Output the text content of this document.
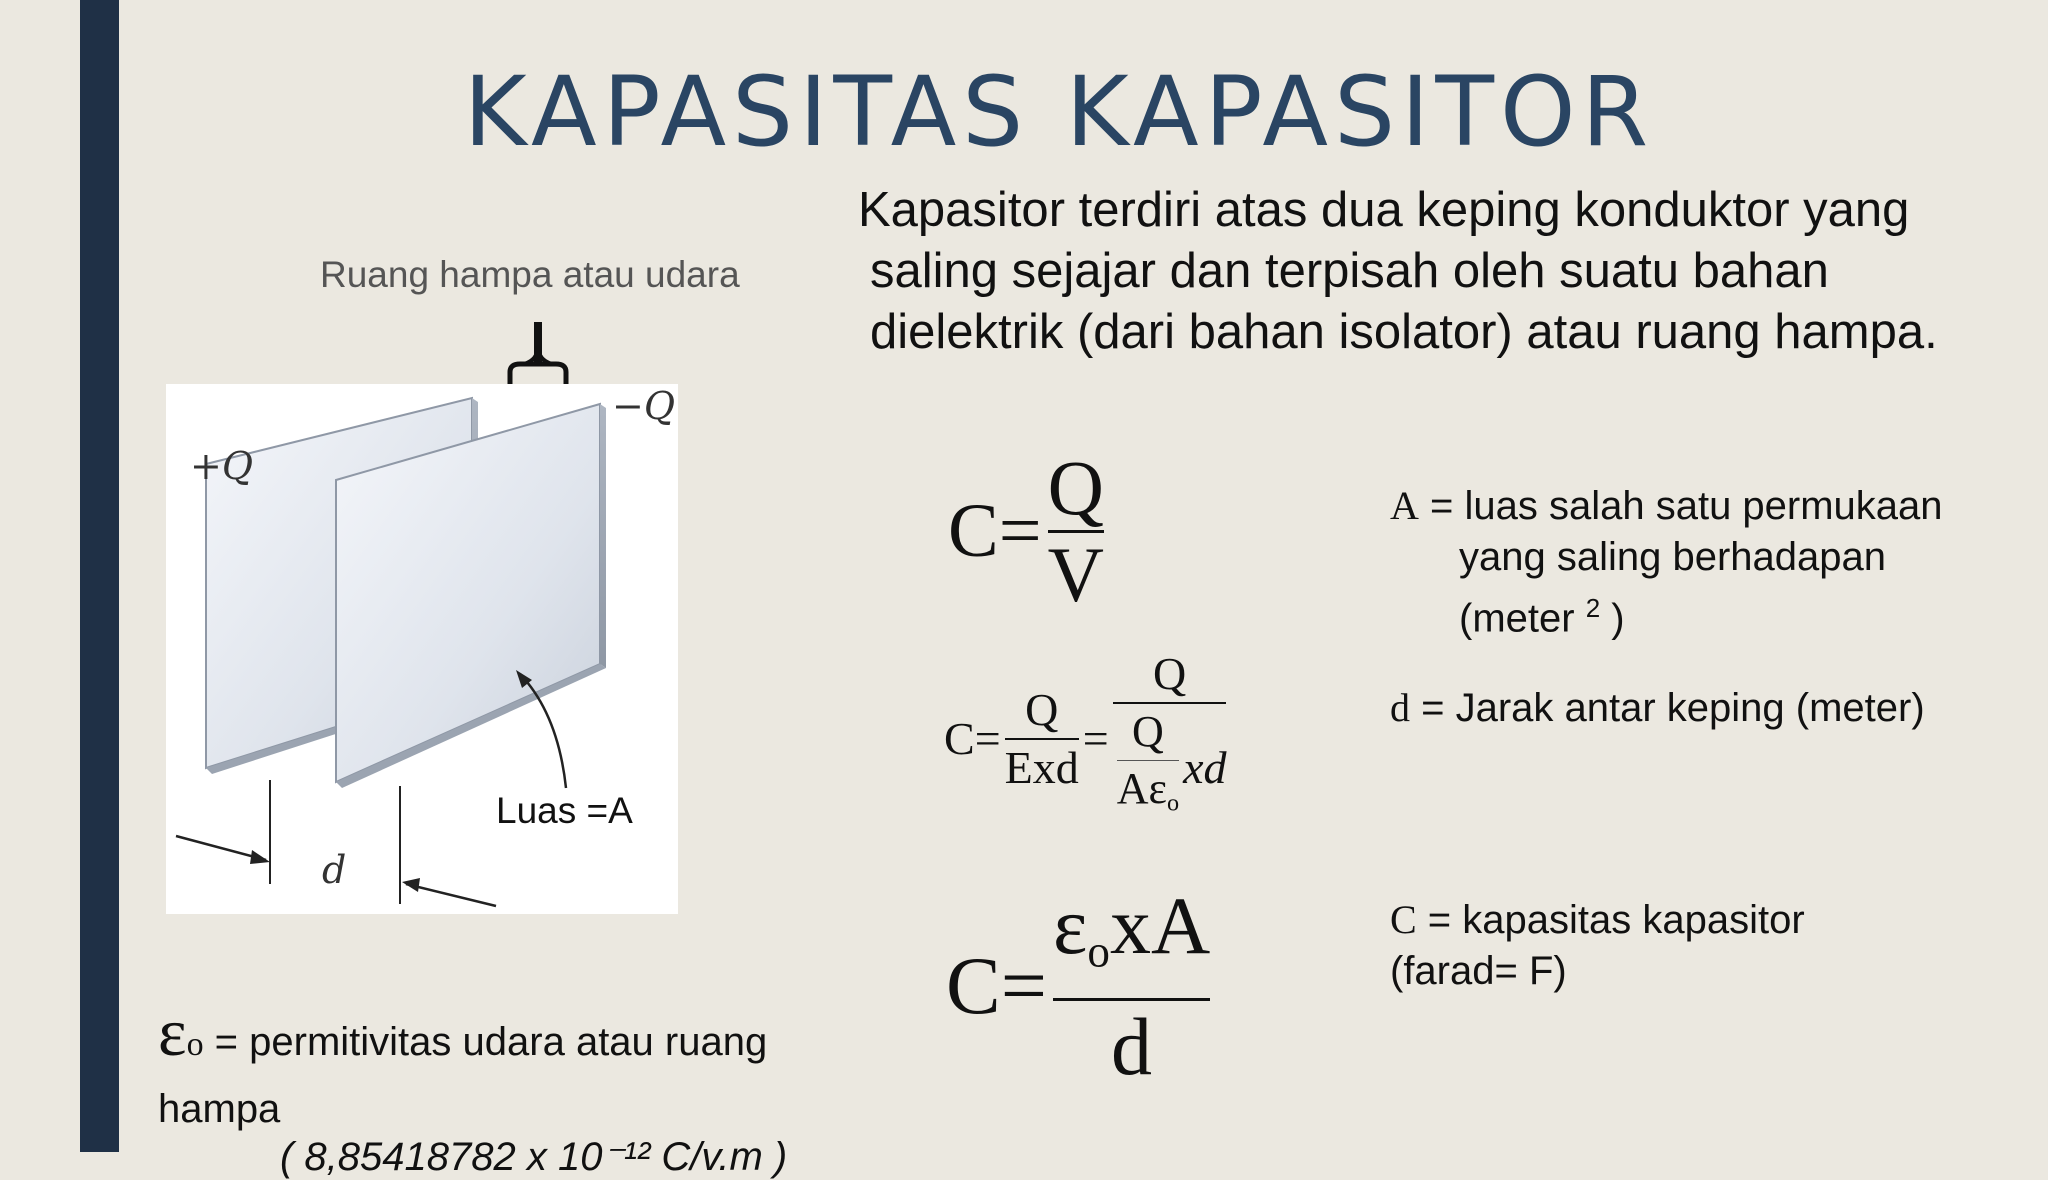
KAPASITAS KAPASITOR

Kapasitor terdiri atas dua keping konduktor yang
saling sejajar dan terpisah oleh suatu bahan
dielektrik (dari bahan isolator) atau ruang hampa.

Ruang hampa atau udara
+Q
−Q
Luas =A
d
$C = \frac{Q}{V}$
$C = \frac{Q}{\text{Exd}} = \frac{Q}{\frac{Q}{A\varepsilon_o} xd}$
$C = \frac{\varepsilon_oxA}{d}$
A = luas salah satu permukaan
yang saling berhadapan
(meter $^2$ )
d = Jarak antar keping (meter)
C = kapasitas kapasitor
(farad= F)
εo = permitivitas udara atau ruang
hampa
( 8,85418782 x 10⁻¹² C/v.m )
